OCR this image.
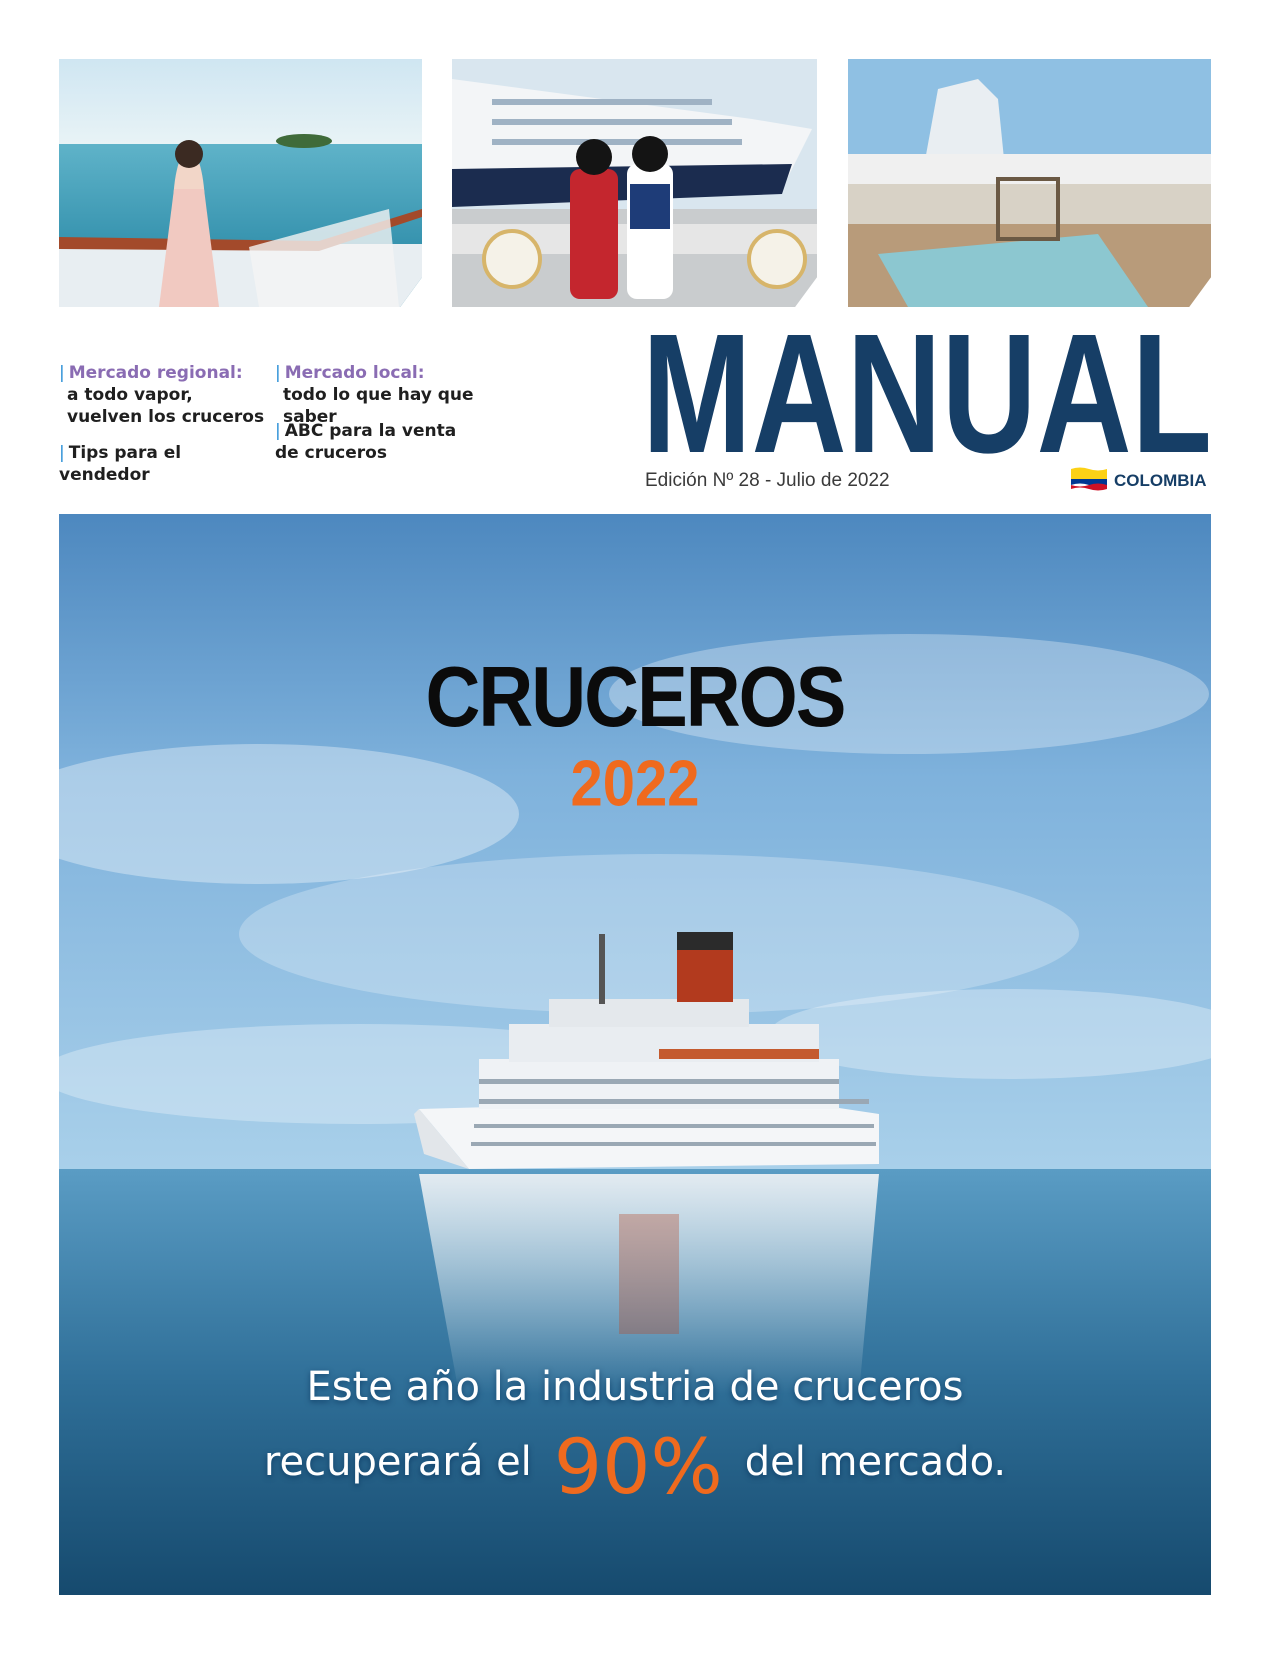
| Mercado regional:
a todo vapor, vuelven los cruceros
| Tips para el vendedor
| Mercado local:
todo lo que hay que saber
| ABC para la venta de cruceros	MANUAL
Edición Nº 28 - Julio de 2022	COLOMBIA
CRUCEROS
2022
Este año la industria de cruceros
recuperará el 90% del mercado.
